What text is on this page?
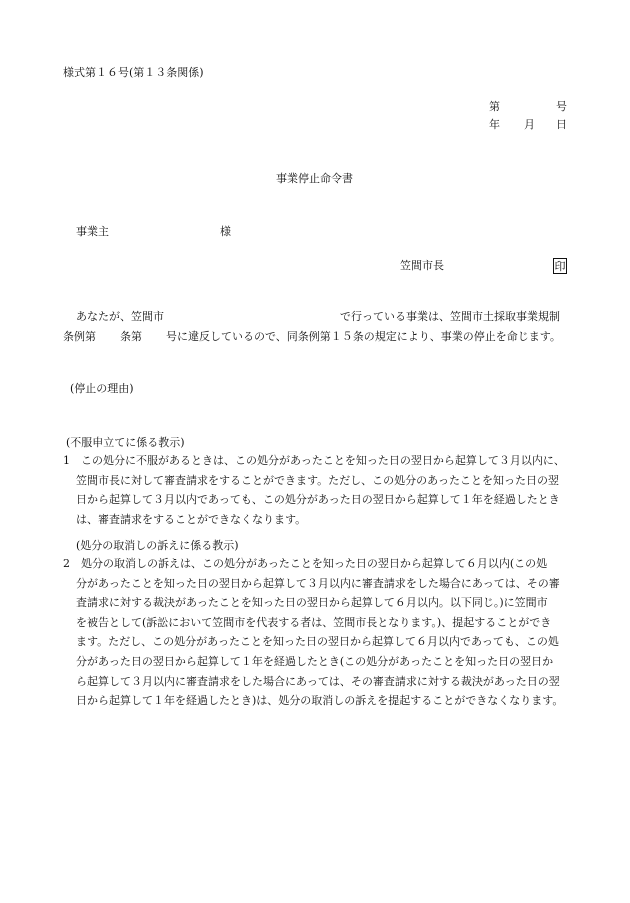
様式第１６号(第１３条関係)
第	号
年 月 日
事業停止命令書
事業主	様
笠間市長	印
あなたが、笠間市	で行っている事業は、笠間市土採取事業規制
条例第 条第 号に違反しているので、同条例第１５条の規定により、事業の停止を命じます。
(停止の理由)
(不服申立てに係る教示)
1　この処分に不服があるときは、この処分があったことを知った日の翌日から起算して３月以内に、
笠間市長に対して審査請求をすることができます。ただし、この処分のあったことを知った日の翌
日から起算して３月以内であっても、この処分があった日の翌日から起算して１年を経過したとき
は、審査請求をすることができなくなります。
(処分の取消しの訴えに係る教示)
2　処分の取消しの訴えは、この処分があったことを知った日の翌日から起算して６月以内(この処
分があったことを知った日の翌日から起算して３月以内に審査請求をした場合にあっては、その審
査請求に対する裁決があったことを知った日の翌日から起算して６月以内。以下同じ。)に笠間市
を被告として(訴訟において笠間市を代表する者は、笠間市長となります。)、提起することができ
ます。ただし、この処分があったことを知った日の翌日から起算して６月以内であっても、この処
分があった日の翌日から起算して１年を経過したとき(この処分があったことを知った日の翌日か
ら起算して３月以内に審査請求をした場合にあっては、その審査請求に対する裁決があった日の翌
日から起算して１年を経過したとき)は、処分の取消しの訴えを提起することができなくなります。
